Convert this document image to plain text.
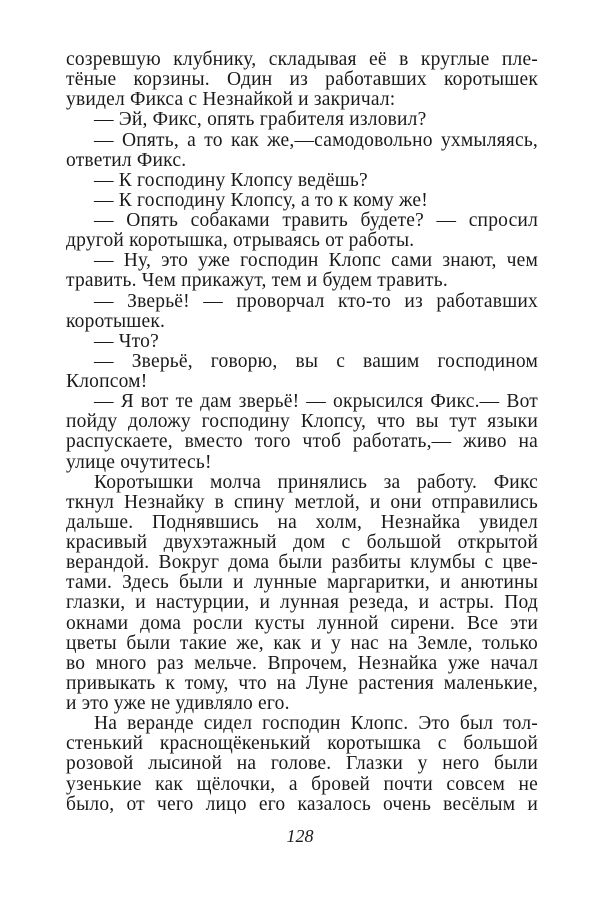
созревшую клубнику, складывая её в круглые пле-
тёные корзины. Один из работавших коротышек
увидел Фикса с Незнайкой и закричал:
— Эй, Фикс, опять грабителя изловил?
— Опять, а то как же,—самодовольно ухмыляясь,
ответил Фикс.
— К господину Клопсу ведёшь?
— К господину Клопсу, а то к кому же!
— Опять собаками травить будете? — спросил
другой коротышка, отрываясь от работы.
— Ну, это уже господин Клопс сами знают, чем
травить. Чем прикажут, тем и будем травить.
— Зверьё! — проворчал кто-то из работавших
коротышек.
— Что?
— Зверьё, говорю, вы с вашим господином
Клопсом!
— Я вот те дам зверьё! — окрысился Фикс.— Вот
пойду доложу господину Клопсу, что вы тут языки
распускаете, вместо того чтоб работать,— живо на
улице очутитесь!
Коротышки молча принялись за работу. Фикс
ткнул Незнайку в спину метлой, и они отправились
дальше. Поднявшись на холм, Незнайка увидел
красивый двухэтажный дом с большой открытой
верандой. Вокруг дома были разбиты клумбы с цве-
тами. Здесь были и лунные маргаритки, и анютины
глазки, и настурции, и лунная резеда, и астры. Под
окнами дома росли кусты лунной сирени. Все эти
цветы были такие же, как и у нас на Земле, только
во много раз мельче. Впрочем, Незнайка уже начал
привыкать к тому, что на Луне растения маленькие,
и это уже не удивляло его.
На веранде сидел господин Клопс. Это был тол-
стенький краснощёкенький коротышка с большой
розовой лысиной на голове. Глазки у него были
узенькие как щёлочки, а бровей почти совсем не
было, от чего лицо его казалось очень весёлым и
128
